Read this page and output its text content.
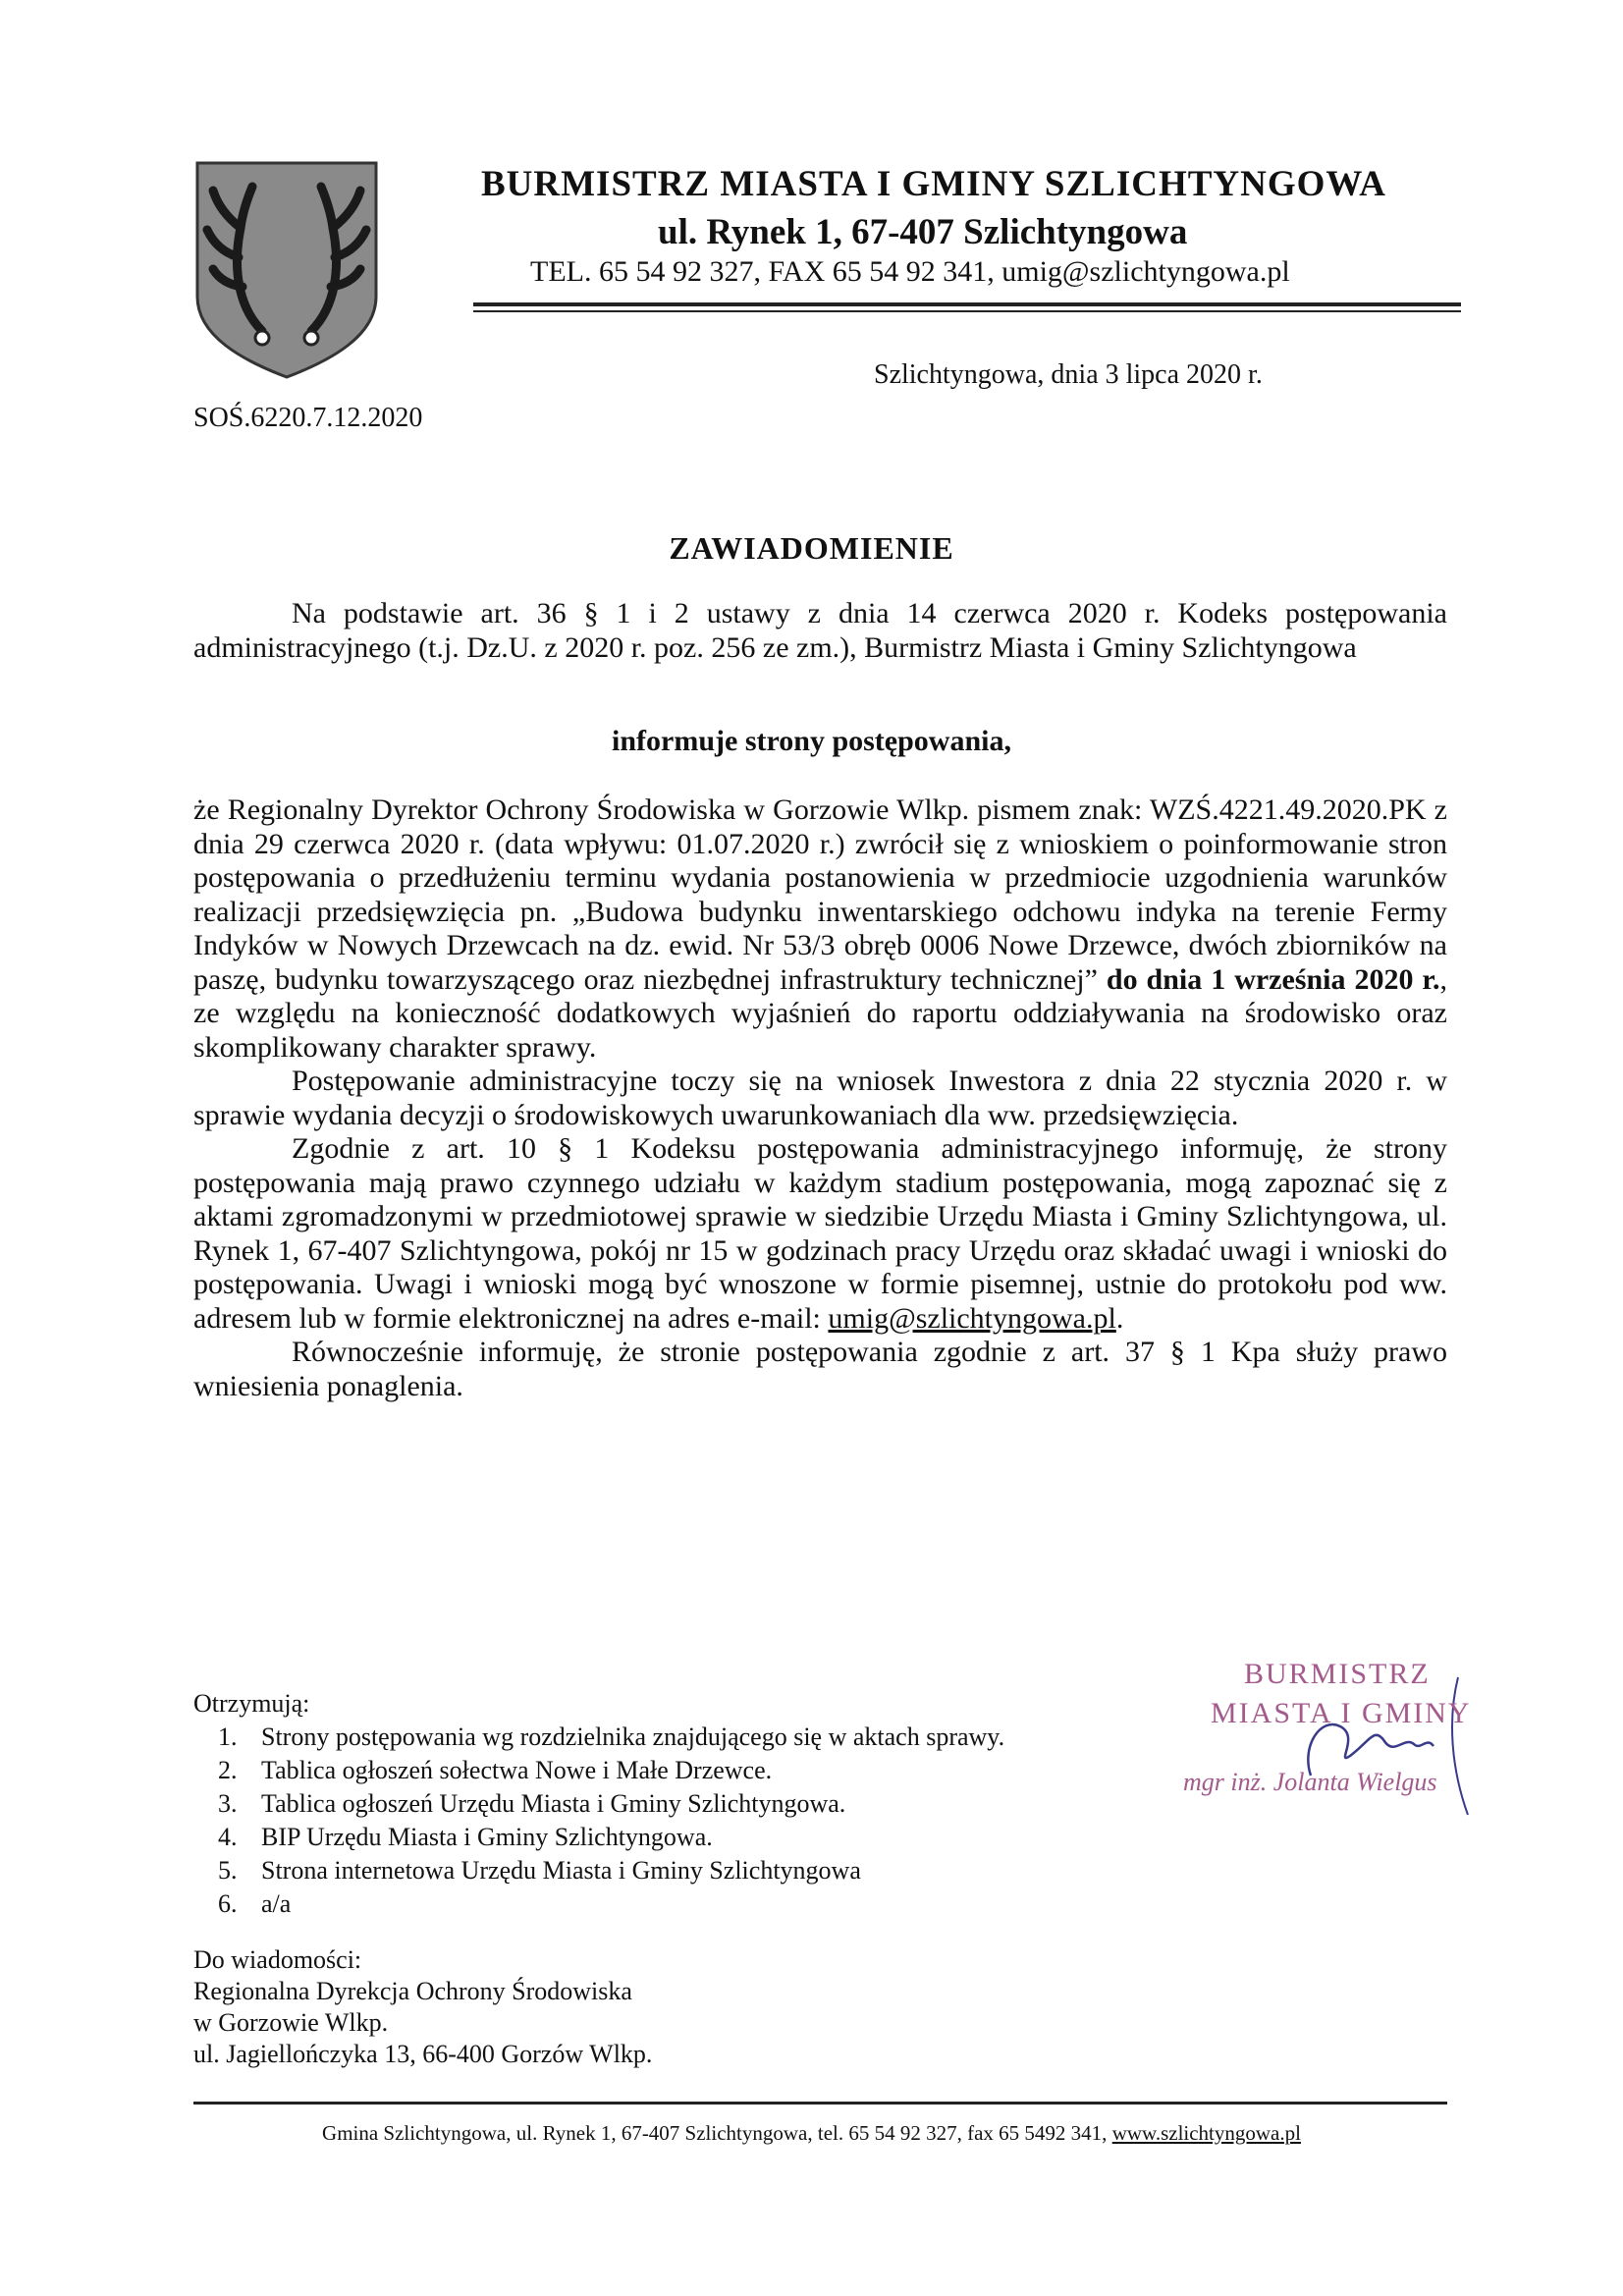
BURMISTRZ MIASTA I GMINY SZLICHTYNGOWA
ul. Rynek 1, 67-407 Szlichtyngowa
TEL. 65 54 92 327, FAX 65 54 92 341, umig@szlichtyngowa.pl
Szlichtyngowa, dnia 3 lipca 2020 r.
SOŚ.6220.7.12.2020
ZAWIADOMIENIE

Na podstawie art. 36 § 1 i 2 ustawy z dnia 14 czerwca 2020 r. Kodeks postępowania administracyjnego (t.j. Dz.U. z 2020 r. poz. 256 ze zm.), Burmistrz Miasta i Gminy Szlichtyngowa

informuje strony postępowania,

że Regionalny Dyrektor Ochrony Środowiska w Gorzowie Wlkp. pismem znak: WZŚ.4221.49.2020.PK z dnia 29 czerwca 2020 r. (data wpływu: 01.07.2020 r.) zwrócił się z wnioskiem o poinformowanie stron postępowania o przedłużeniu terminu wydania postanowienia w przedmiocie uzgodnienia warunków realizacji przedsięwzięcia pn. „Budowa budynku inwentarskiego odchowu indyka na terenie Fermy Indyków w Nowych Drzewcach na dz. ewid. Nr 53/3 obręb 0006 Nowe Drzewce, dwóch zbiorników na paszę, budynku towarzyszącego oraz niezbędnej infrastruktury technicznej” do dnia 1 września 2020 r., ze względu na konieczność dodatkowych wyjaśnień do raportu oddziaływania na środowisko oraz skomplikowany charakter sprawy.

Postępowanie administracyjne toczy się na wniosek Inwestora z dnia 22 stycznia 2020 r. w sprawie wydania decyzji o środowiskowych uwarunkowaniach dla ww. przedsięwzięcia.

Zgodnie z art. 10 § 1 Kodeksu postępowania administracyjnego informuję, że strony postępowania mają prawo czynnego udziału w każdym stadium postępowania, mogą zapoznać się z aktami zgromadzonymi w przedmiotowej sprawie w siedzibie Urzędu Miasta i Gminy Szlichtyngowa, ul. Rynek 1, 67-407 Szlichtyngowa, pokój nr 15 w godzinach pracy Urzędu oraz składać uwagi i wnioski do postępowania. Uwagi i wnioski mogą być wnoszone w formie pisemnej, ustnie do protokołu pod ww. adresem lub w formie elektronicznej na adres e-mail: umig@szlichtyngowa.pl.

Równocześnie informuję, że stronie postępowania zgodnie z art. 37 § 1 Kpa służy prawo wniesienia ponaglenia.

BURMISTRZ
MIASTA I GMINY
mgr inż. Jolanta Wielgus
Otrzymują:
1. Strony postępowania wg rozdzielnika znajdującego się w aktach sprawy.
2. Tablica ogłoszeń sołectwa Nowe i Małe Drzewce.
3. Tablica ogłoszeń Urzędu Miasta i Gminy Szlichtyngowa.
4. BIP Urzędu Miasta i Gminy Szlichtyngowa.
5. Strona internetowa Urzędu Miasta i Gminy Szlichtyngowa
6. a/a
Do wiadomości:
Regionalna Dyrekcja Ochrony Środowiska
w Gorzowie Wlkp.
ul. Jagiellończyka 13, 66-400 Gorzów Wlkp.
Gmina Szlichtyngowa, ul. Rynek 1, 67-407 Szlichtyngowa, tel. 65 54 92 327, fax 65 5492 341, www.szlichtyngowa.pl
